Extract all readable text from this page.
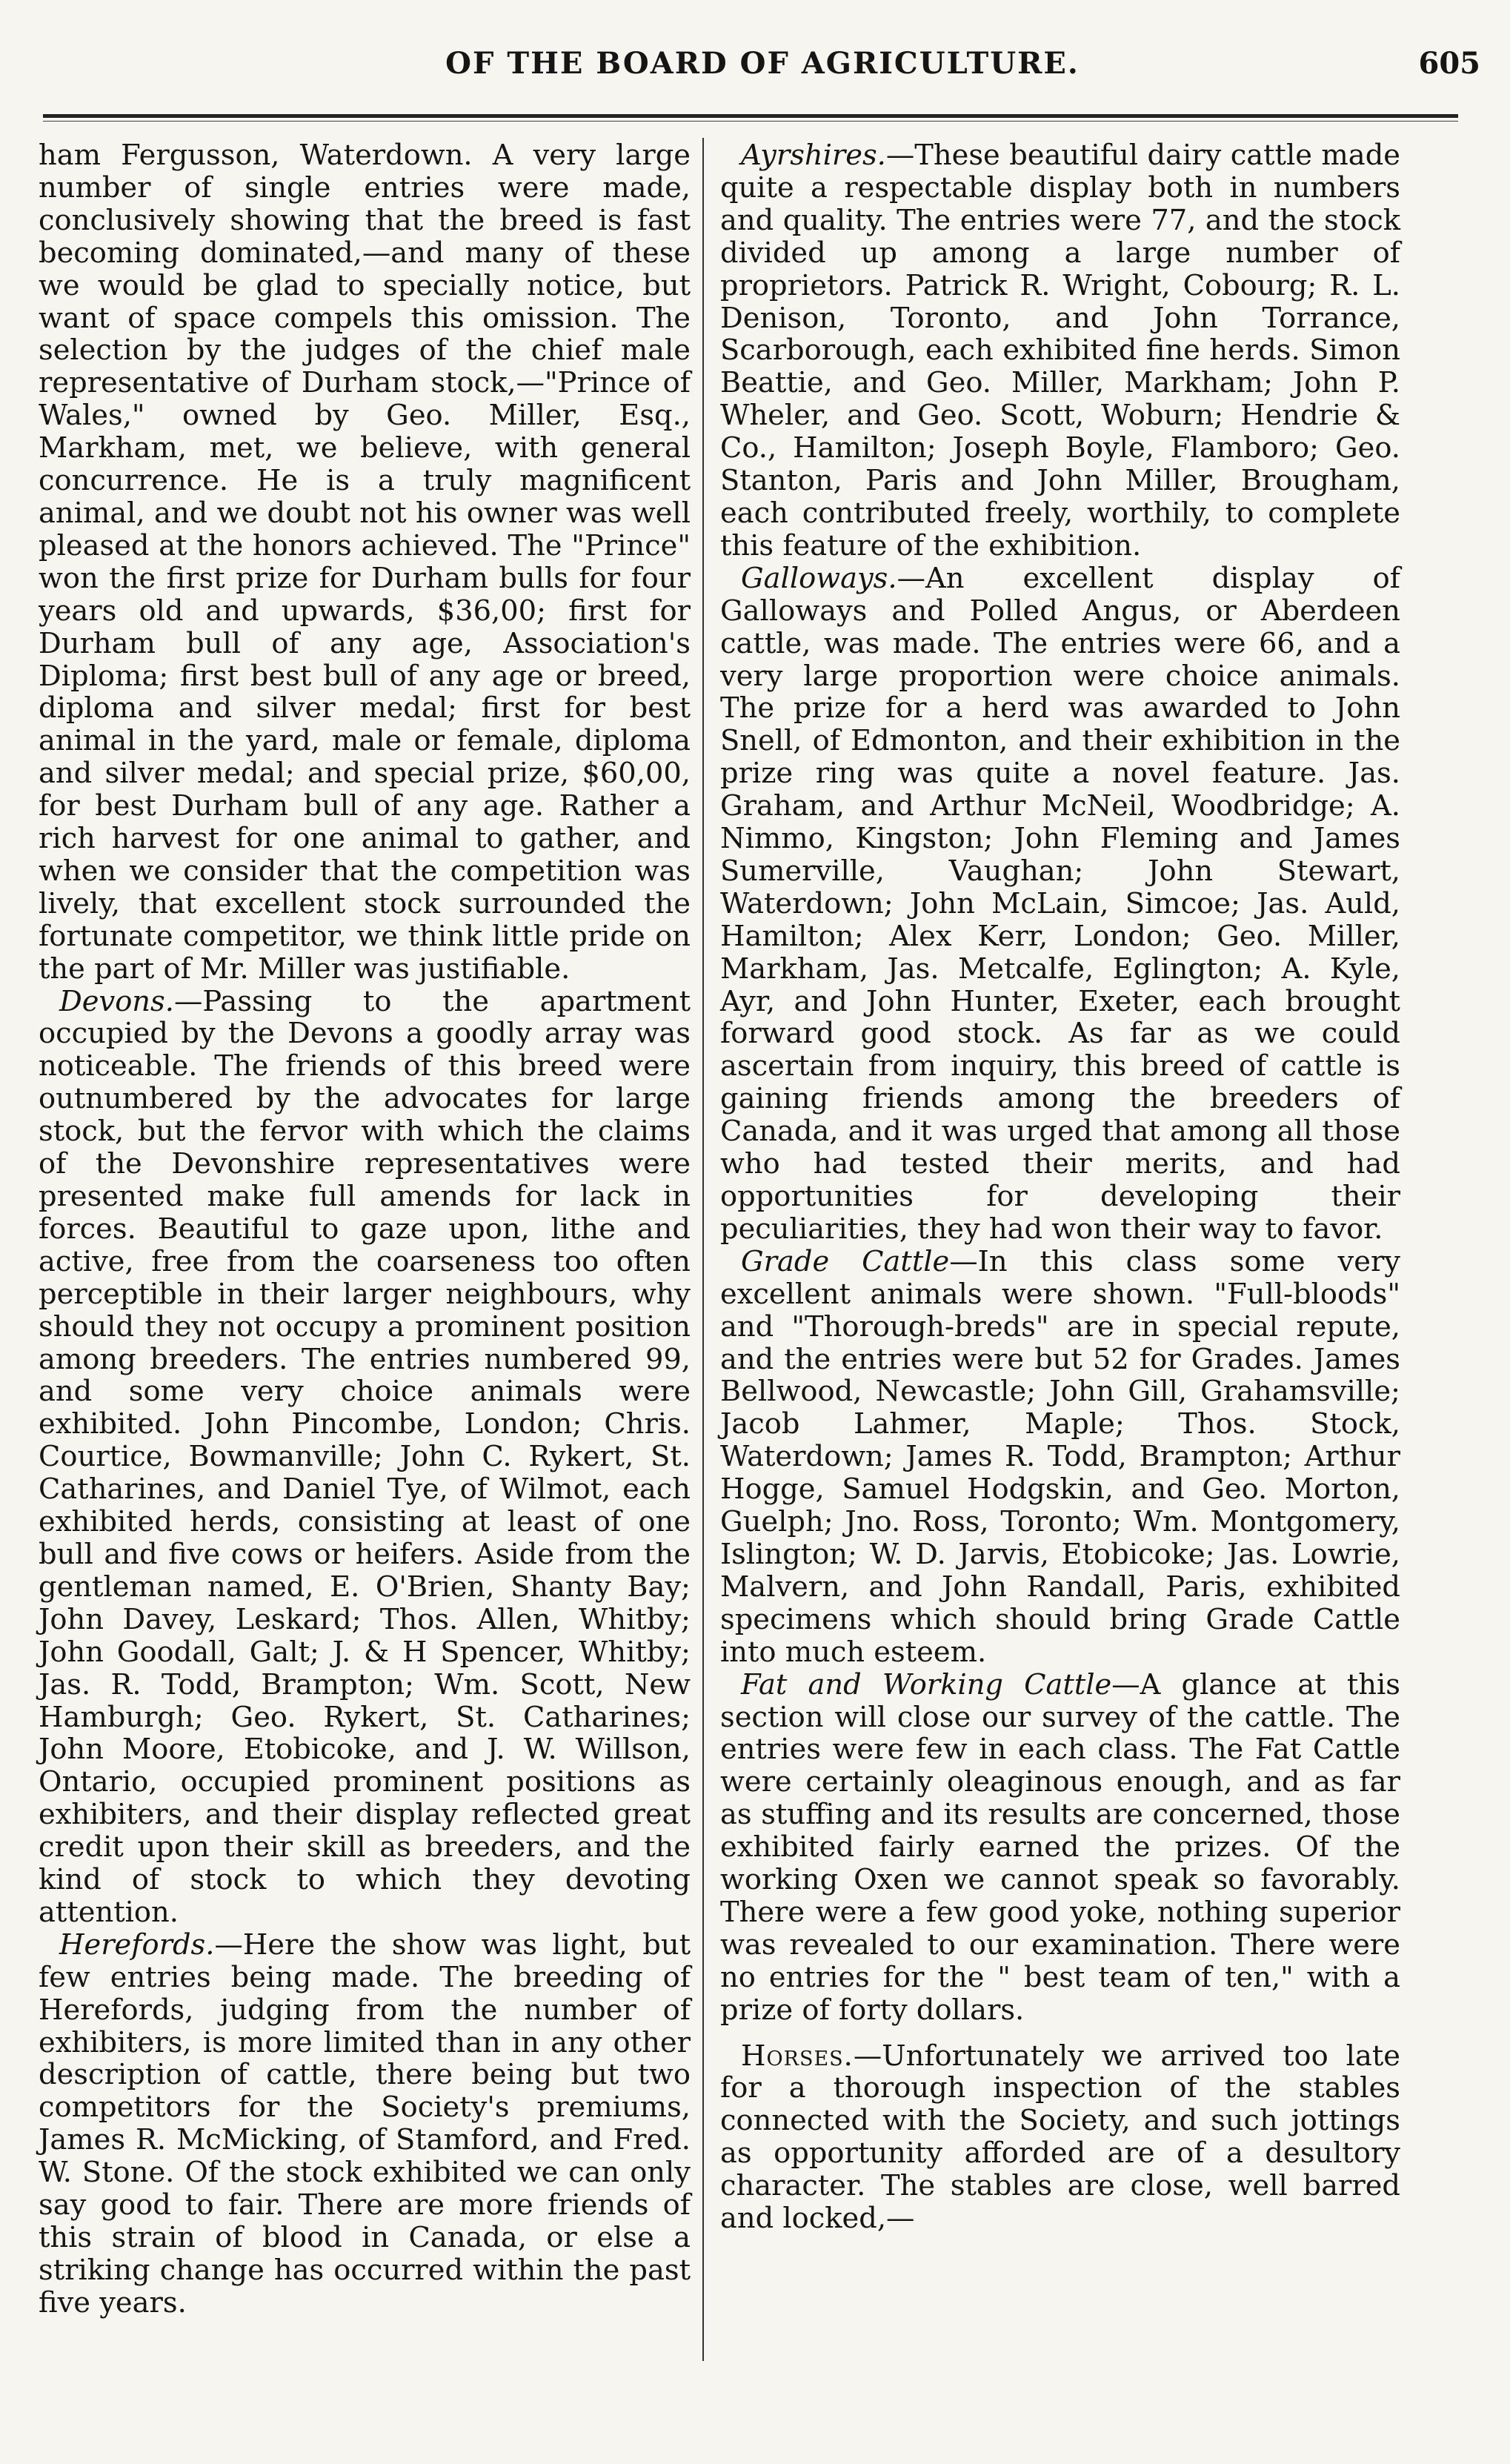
OF THE BOARD OF AGRICULTURE.	605

ham Fergusson, Waterdown. A very large number of single entries were made, conclusively showing that the breed is fast becoming dominated,—and many of these we would be glad to specially notice, but want of space compels this omission. The selection by the judges of the chief male representative of Durham stock,—"Prince of Wales," owned by Geo. Miller, Esq., Markham, met, we believe, with general concurrence. He is a truly magnificent animal, and we doubt not his owner was well pleased at the honors achieved. The "Prince" won the first prize for Durham bulls for four years old and upwards, $36,00; first for Durham bull of any age, Association's Diploma; first best bull of any age or breed, diploma and silver medal; first for best animal in the yard, male or female, diploma and silver medal; and special prize, $60,00, for best Durham bull of any age. Rather a rich harvest for one animal to gather, and when we consider that the competition was lively, that excellent stock surrounded the fortunate competitor, we think little pride on the part of Mr. Miller was justifiable.

Devons.—Passing to the apartment occupied by the Devons a goodly array was noticeable. The friends of this breed were outnumbered by the advocates for large stock, but the fervor with which the claims of the Devonshire representatives were presented make full amends for lack in forces. Beautiful to gaze upon, lithe and active, free from the coarseness too often perceptible in their larger neighbours, why should they not occupy a prominent position among breeders. The entries numbered 99, and some very choice animals were exhibited. John Pincombe, London; Chris. Courtice, Bowmanville; John C. Rykert, St. Catharines, and Daniel Tye, of Wilmot, each exhibited herds, consisting at least of one bull and five cows or heifers. Aside from the gentleman named, E. O'Brien, Shanty Bay; John Davey, Leskard; Thos. Allen, Whitby; John Goodall, Galt; J. & H Spencer, Whitby; Jas. R. Todd, Brampton; Wm. Scott, New Hamburgh; Geo. Rykert, St. Catharines; John Moore, Etobicoke, and J. W. Willson, Ontario, occupied prominent positions as exhibiters, and their display reflected great credit upon their skill as breeders, and the kind of stock to which they devoting attention.

Herefords.—Here the show was light, but few entries being made. The breeding of Herefords, judging from the number of exhibiters, is more limited than in any other description of cattle, there being but two competitors for the Society's premiums, James R. McMicking, of Stamford, and Fred. W. Stone. Of the stock exhibited we can only say good to fair. There are more friends of this strain of blood in Canada, or else a striking change has occurred within the past five years.

Ayrshires.—These beautiful dairy cattle made quite a respectable display both in numbers and quality. The entries were 77, and the stock divided up among a large number of proprietors. Patrick R. Wright, Cobourg; R. L. Denison, Toronto, and John Torrance, Scarborough, each exhibited fine herds. Simon Beattie, and Geo. Miller, Markham; John P. Wheler, and Geo. Scott, Woburn; Hendrie & Co., Hamilton; Joseph Boyle, Flamboro; Geo. Stanton, Paris and John Miller, Brougham, each contributed freely, worthily, to complete this feature of the exhibition.

Galloways.—An excellent display of Galloways and Polled Angus, or Aberdeen cattle, was made. The entries were 66, and a very large proportion were choice animals. The prize for a herd was awarded to John Snell, of Edmonton, and their exhibition in the prize ring was quite a novel feature. Jas. Graham, and Arthur McNeil, Woodbridge; A. Nimmo, Kingston; John Fleming and James Sumerville, Vaughan; John Stewart, Waterdown; John McLain, Simcoe; Jas. Auld, Hamilton; Alex Kerr, London; Geo. Miller, Markham, Jas. Metcalfe, Eglington; A. Kyle, Ayr, and John Hunter, Exeter, each brought forward good stock. As far as we could ascertain from inquiry, this breed of cattle is gaining friends among the breeders of Canada, and it was urged that among all those who had tested their merits, and had opportunities for developing their peculiarities, they had won their way to favor.

Grade Cattle—In this class some very excellent animals were shown. "Full-bloods" and "Thorough-breds" are in special repute, and the entries were but 52 for Grades. James Bellwood, Newcastle; John Gill, Grahamsville; Jacob Lahmer, Maple; Thos. Stock, Waterdown; James R. Todd, Brampton; Arthur Hogge, Samuel Hodgskin, and Geo. Morton, Guelph; Jno. Ross, Toronto; Wm. Montgomery, Islington; W. D. Jarvis, Etobicoke; Jas. Lowrie, Malvern, and John Randall, Paris, exhibited specimens which should bring Grade Cattle into much esteem.

Fat and Working Cattle—A glance at this section will close our survey of the cattle. The entries were few in each class. The Fat Cattle were certainly oleaginous enough, and as far as stuffing and its results are concerned, those exhibited fairly earned the prizes. Of the working Oxen we cannot speak so favorably. There were a few good yoke, nothing superior was revealed to our examination. There were no entries for the " best team of ten," with a prize of forty dollars.

Horses.—Unfortunately we arrived too late for a thorough inspection of the stables connected with the Society, and such jottings as opportunity afforded are of a desultory character. The stables are close, well barred and locked,—
